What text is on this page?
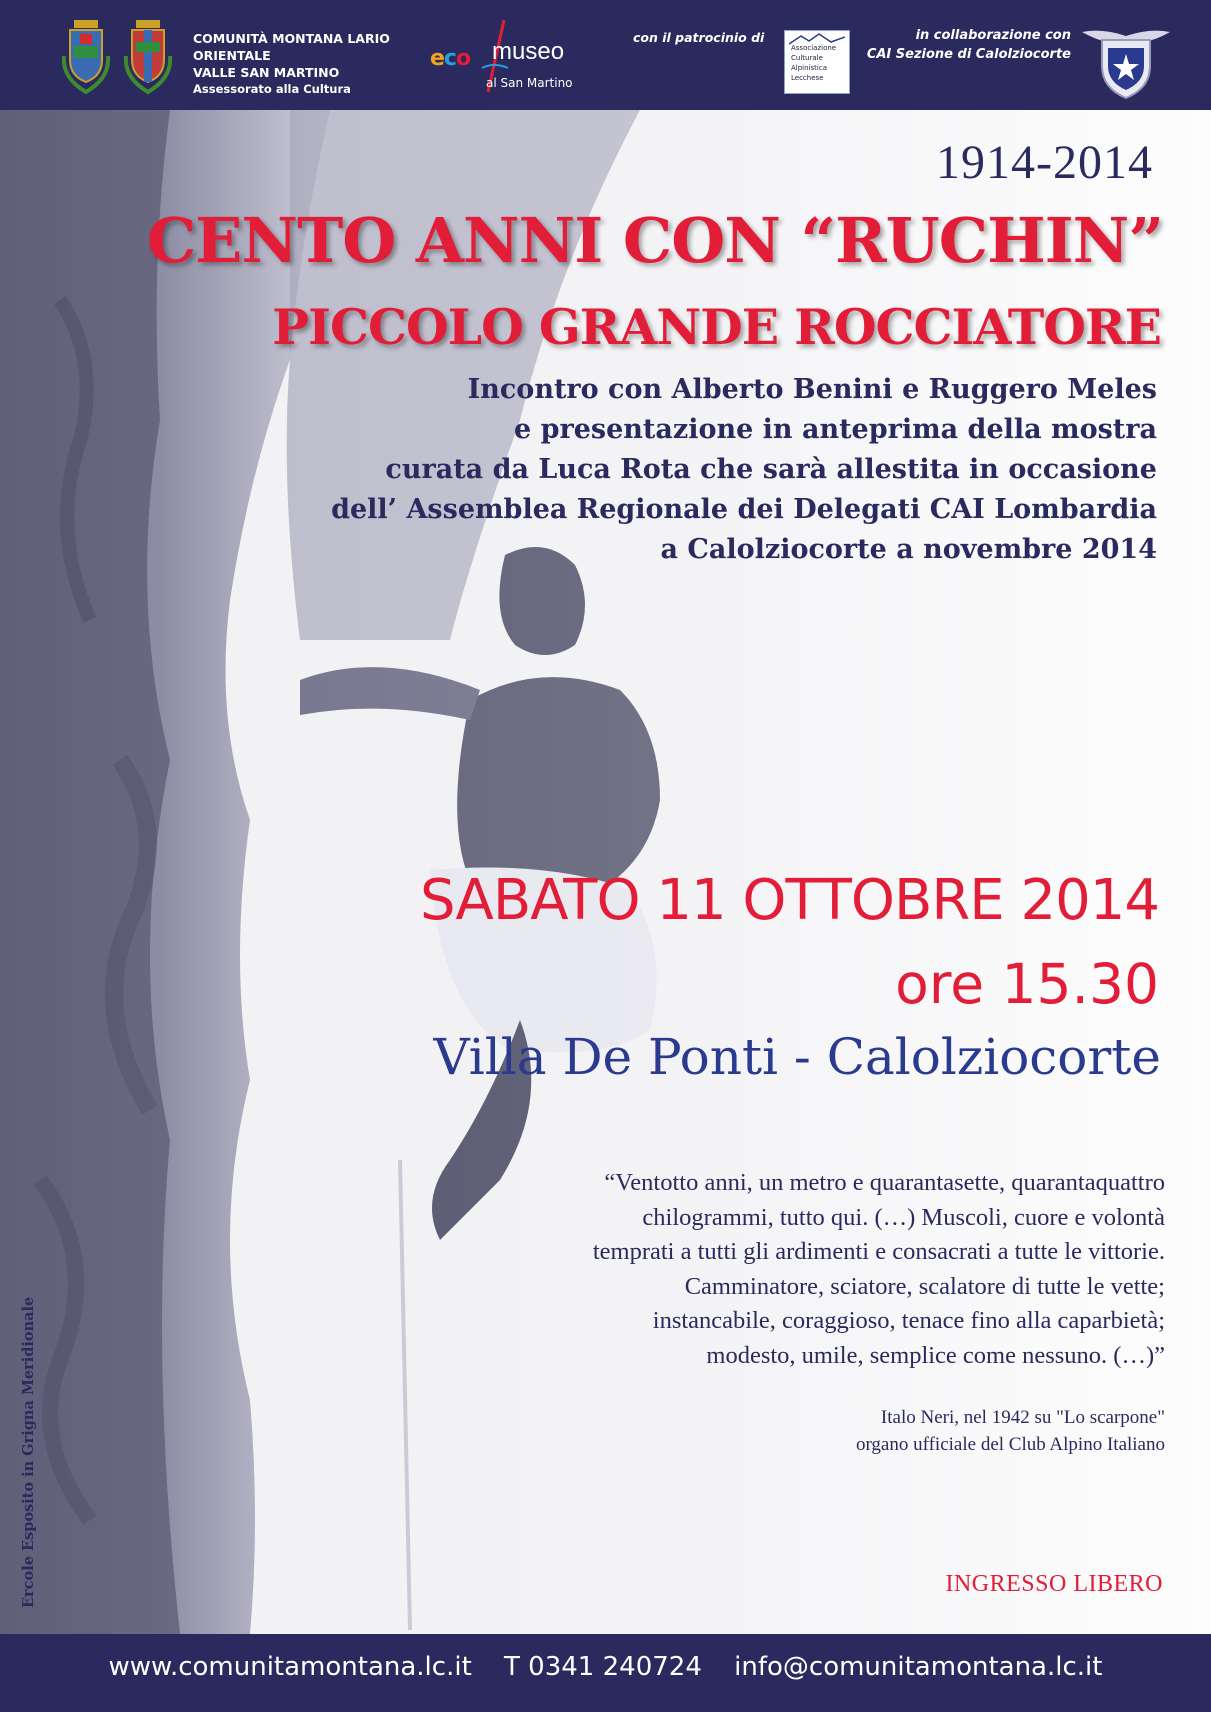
COMUNITÀ MONTANA LARIO
ORIENTALE
VALLE SAN MARTINO
Assessorato alla Cultura
eco museo
al San Martino
con il patrocinio di
Associazione
Culturale
Alpinistica
Lecchese
in collaborazione con
CAI Sezione di Calolziocorte
1914-2014
CENTO ANNI CON “RUCHIN”
PICCOLO GRANDE ROCCIATORE
Incontro con Alberto Benini e Ruggero Meles
e presentazione in anteprima della mostra
curata da Luca Rota che sarà allestita in occasione
dell’ Assemblea Regionale dei Delegati CAI Lombardia
a Calolziocorte a novembre 2014
SABATO 11 OTTOBRE 2014
ore 15.30
Villa De Ponti - Calolziocorte
“Ventotto anni, un metro e quarantasette, quarantaquattro
chilogrammi, tutto qui. (…) Muscoli, cuore e volontà
temprati a tutti gli ardimenti e consacrati a tutte le vittorie.
Camminatore, sciatore, scalatore di tutte le vette;
instancabile, coraggioso, tenace fino alla caparbietà;
modesto, umile, semplice come nessuno. (…)”
Italo Neri, nel 1942 su "Lo scarpone"
organo ufficiale del Club Alpino Italiano
INGRESSO LIBERO
Ercole Esposito in Grigna Meridionale
www.comunitamontana.lc.it T 0341 240724 info@comunitamontana.lc.it
